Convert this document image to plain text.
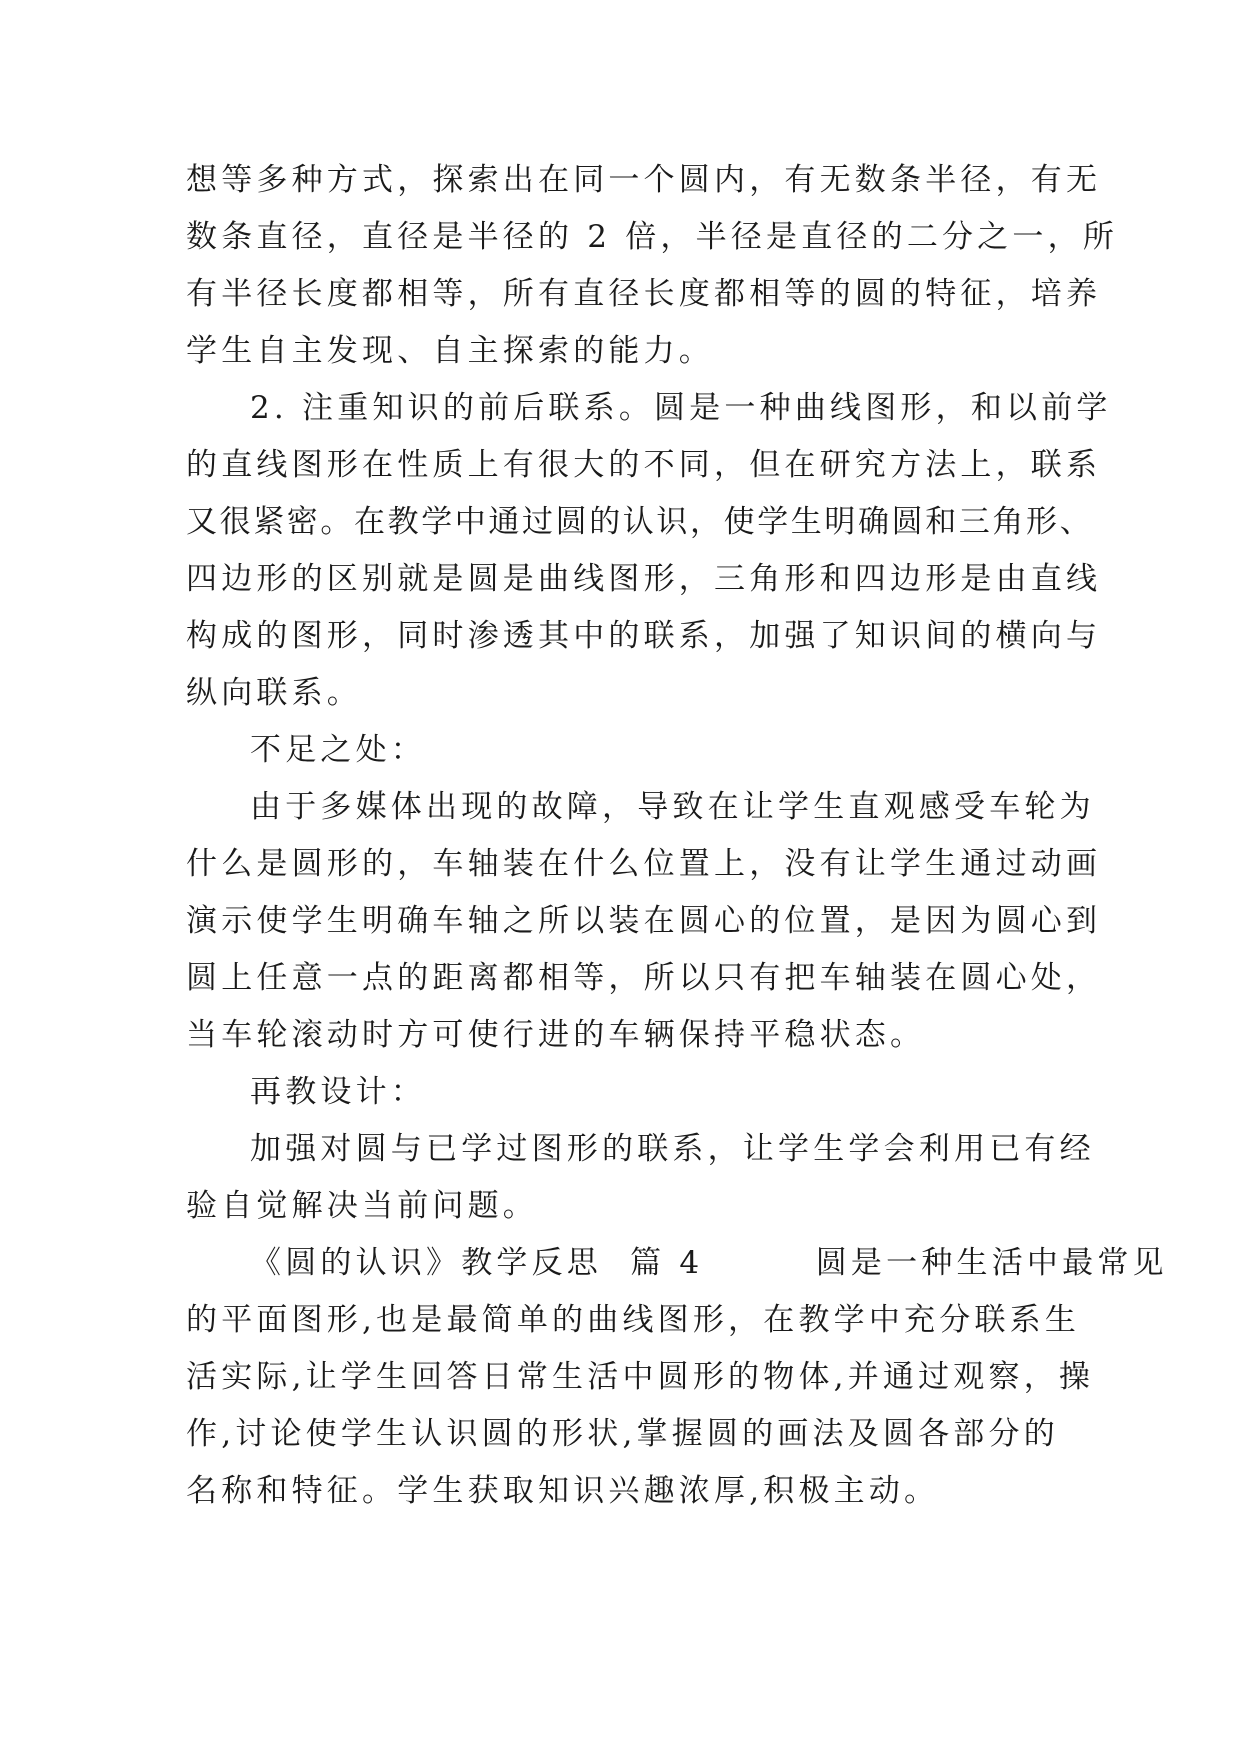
想等多种方式，探索出在同一个圆内，有无数条半径，有无
数条直径，直径是半径的 2 倍，半径是直径的二分之一，所
有半径长度都相等，所有直径长度都相等的圆的特征，培养
学生自主发现、自主探索的能力。
2. 注重知识的前后联系。圆是一种曲线图形，和以前学
的直线图形在性质上有很大的不同，但在研究方法上，联系
又很紧密。在教学中通过圆的认识，使学生明确圆和三角形、
四边形的区别就是圆是曲线图形，三角形和四边形是由直线
构成的图形，同时渗透其中的联系，加强了知识间的横向与
纵向联系。
不足之处：
由于多媒体出现的故障，导致在让学生直观感受车轮为
什么是圆形的，车轴装在什么位置上，没有让学生通过动画
演示使学生明确车轴之所以装在圆心的位置，是因为圆心到
圆上任意一点的距离都相等，所以只有把车轴装在圆心处，
当车轮滚动时方可使行进的车辆保持平稳状态。
再教设计：
加强对圆与已学过图形的联系，让学生学会利用已有经
验自觉解决当前问题。
《圆的认识》教学反思  篇 4        圆是一种生活中最常见
的平面图形,也是最简单的曲线图形，在教学中充分联系生
活实际,让学生回答日常生活中圆形的物体,并通过观察，操
作,讨论使学生认识圆的形状,掌握圆的画法及圆各部分的
名称和特征。学生获取知识兴趣浓厚,积极主动。
